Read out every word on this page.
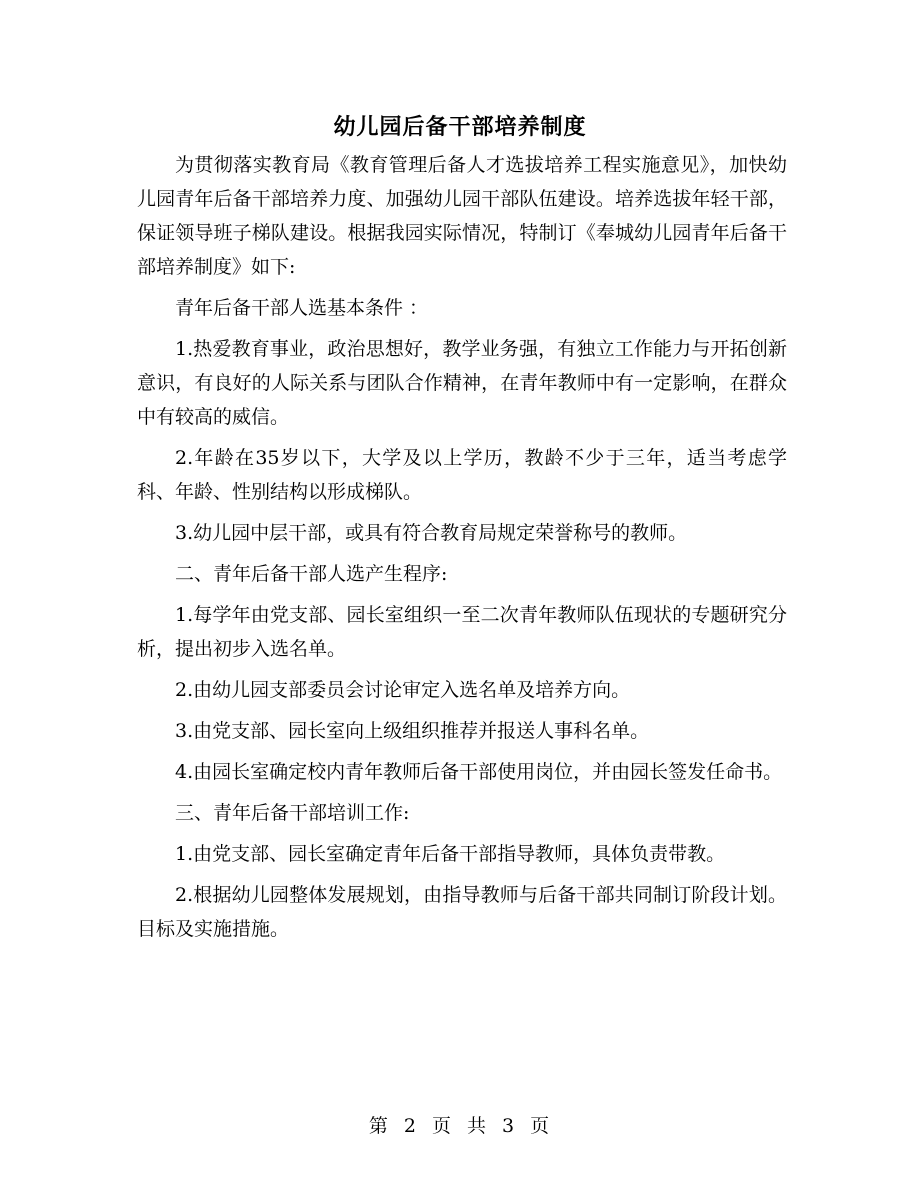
幼儿园后备干部培养制度

为贯彻落实教育局《教育管理后备人才选拔培养工程实施意见》，加快幼儿园青年后备干部培养力度、加强幼儿园干部队伍建设。培养选拔年轻干部，保证领导班子梯队建设。根据我园实际情况，特制订《奉城幼儿园青年后备干部培养制度》如下:

青年后备干部人选基本条件 ：

1.热爱教育事业，政治思想好，教学业务强，有独立工作能力与开拓创新意识，有良好的人际关系与团队合作精神，在青年教师中有一定影响，在群众中有较高的威信。

2.年龄在35岁以下，大学及以上学历，教龄不少于三年，适当考虑学科、年龄、性别结构以形成梯队。

3.幼儿园中层干部，或具有符合教育局规定荣誉称号的教师。

二、青年后备干部人选产生程序:

1.每学年由党支部、园长室组织一至二次青年教师队伍现状的专题研究分析，提出初步入选名单。

2.由幼儿园支部委员会讨论审定入选名单及培养方向。

3.由党支部、园长室向上级组织推荐并报送人事科名单。

4.由园长室确定校内青年教师后备干部使用岗位，并由园长签发任命书。

三、青年后备干部培训工作:

1.由党支部、园长室确定青年后备干部指导教师，具体负责带教。

2.根据幼儿园整体发展规划，由指导教师与后备干部共同制订阶段计划。目标及实施措施。

第 2 页 共 3 页
